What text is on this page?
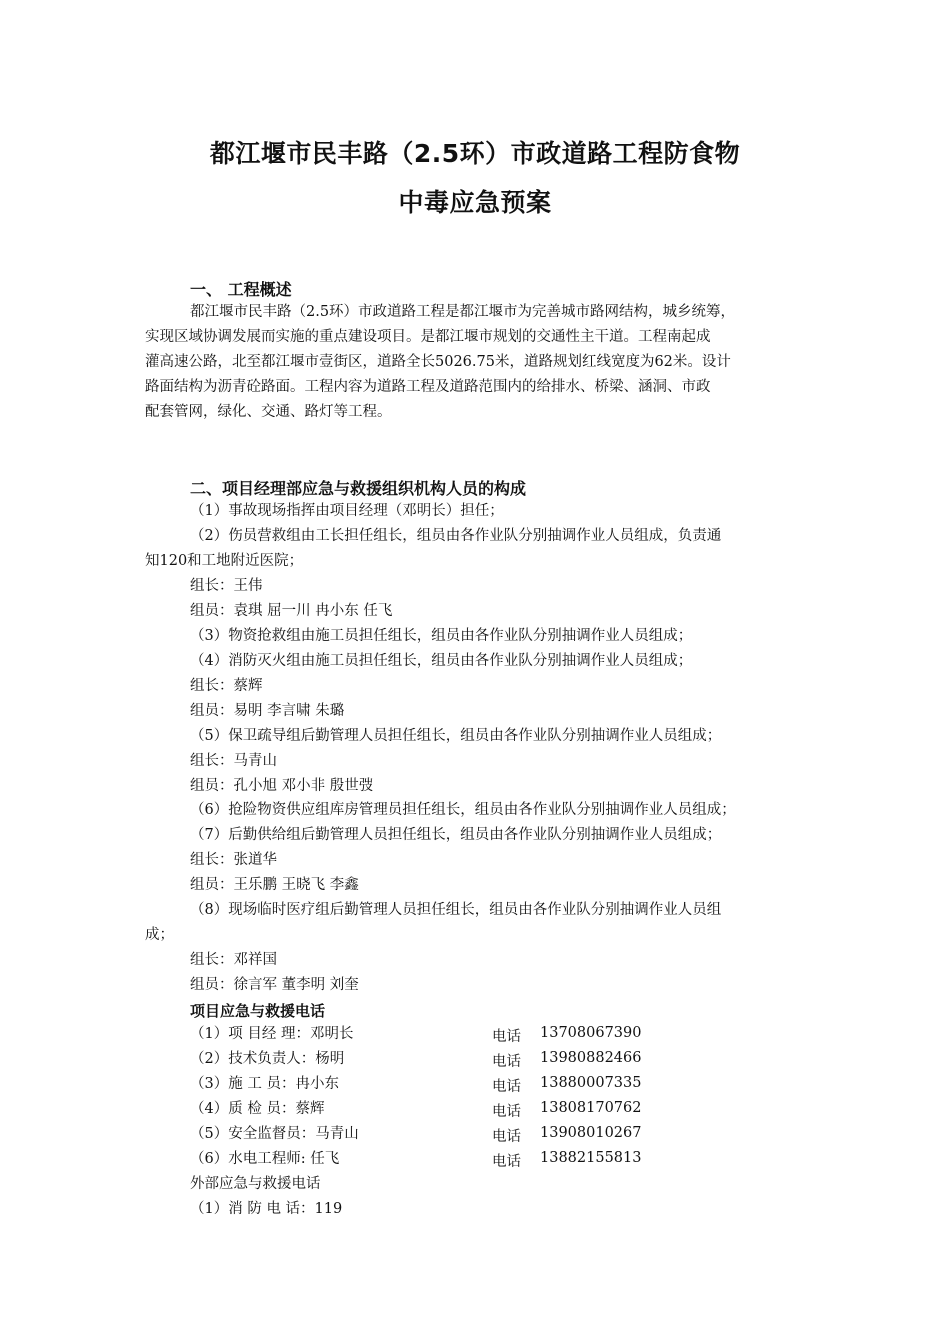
都江堰市民丰路（2.5环）市政道路工程防食物
中毒应急预案
一、 工程概述
都江堰市民丰路（2.5环）市政道路工程是都江堰市为完善城市路网结构，城乡统筹，
实现区域协调发展而实施的重点建设项目。是都江堰市规划的交通性主干道。工程南起成
灌高速公路，北至都江堰市壹街区，道路全长5026.75米，道路规划红线宽度为62米。设计
路面结构为沥青砼路面。工程内容为道路工程及道路范围内的给排水、桥梁、涵洞、市政
配套管网，绿化、交通、路灯等工程。
二、项目经理部应急与救援组织机构人员的构成
（1）事故现场指挥由项目经理（邓明长）担任；
（2）伤员营救组由工长担任组长，组员由各作业队分别抽调作业人员组成，负责通
知120和工地附近医院；
组长：王伟
组员：袁琪 屈一川 冉小东 任飞
（3）物资抢救组由施工员担任组长，组员由各作业队分别抽调作业人员组成；
（4）消防灭火组由施工员担任组长，组员由各作业队分别抽调作业人员组成；
组长：蔡辉
组员：易明 李言啸 朱璐
（5）保卫疏导组后勤管理人员担任组长，组员由各作业队分别抽调作业人员组成；
组长：马青山
组员：孔小旭 邓小非 殷世弢
（6）抢险物资供应组库房管理员担任组长，组员由各作业队分别抽调作业人员组成；
（7）后勤供给组后勤管理人员担任组长，组员由各作业队分别抽调作业人员组成；
组长：张道华
组员：王乐鹏 王晓飞 李鑫
（8）现场临时医疗组后勤管理人员担任组长，组员由各作业队分别抽调作业人员组
成；
组长：邓祥国
组员：徐言军 董李明 刘奎
项目应急与救援电话
（1）项 目经 理：邓明长	电话 13708067390
（2）技术负责人：杨明	电话 13980882466
（3）施 工 员：冉小东	电话 13880007335
（4）质 检 员：蔡辉	电话 13808170762
（5）安全监督员：马青山	电话 13908010267
（6）水电工程师: 任飞	电话 13882155813
外部应急与救援电话
（1）消 防 电 话：119
